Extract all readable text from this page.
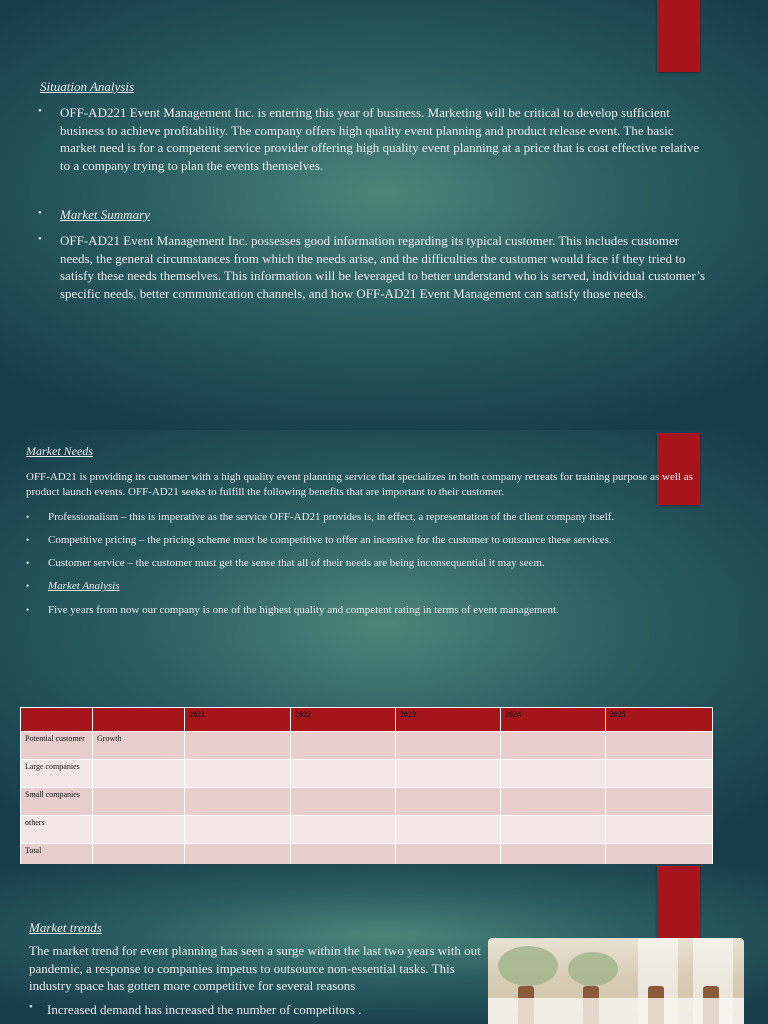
Situation Analysis
• OFF-AD221 Event Management Inc. is entering this year of business. Marketing will be critical to develop sufficient business to achieve profitability. The company offers high quality event planning and product release event. The basic market need is for a competent service provider offering high quality event planning at a price that is cost effective relative to a company trying to plan the events themselves.
• Market Summary
• OFF-AD21 Event Management Inc. possesses good information regarding its typical customer. This includes customer needs, the general circumstances from which the needs arise, and the difficulties the customer would face if they tried to satisfy these needs themselves. This information will be leveraged to better understand who is served, individual customer’s specific needs, better communication channels, and how OFF-AD21 Event Management can satisfy those needs.
Market Needs

OFF-AD21 is providing its customer with a high quality event planning service that specializes in both company retreats for training purpose as well as product launch events. OFF-AD21 seeks to fulfill the following benefits that are important to their customer.

• Professionalism – this is imperative as the service OFF-AD21 provides is, in effect, a representation of the client company itself.
• Competitive pricing – the pricing scheme must be competitive to offer an incentive for the customer to outsource these services.
• Customer service – the customer must get the sense that all of their needs are being inconsequential it may seem.
• Market Analysis
• Five years from now our company is one of the highest quality and competent rating in terms of event management.
		2021	2022	2023	2024	2025
Potential customer	Growth					
Large companies						
Small companies						
others						
Total						
Market trends

The market trend for event planning has seen a surge within the last two years with out pandemic, a response to companies impetus to outsource non-essential tasks. This industry space has gotten more competitive for several reasons

• Increased demand has increased the number of competitors .
